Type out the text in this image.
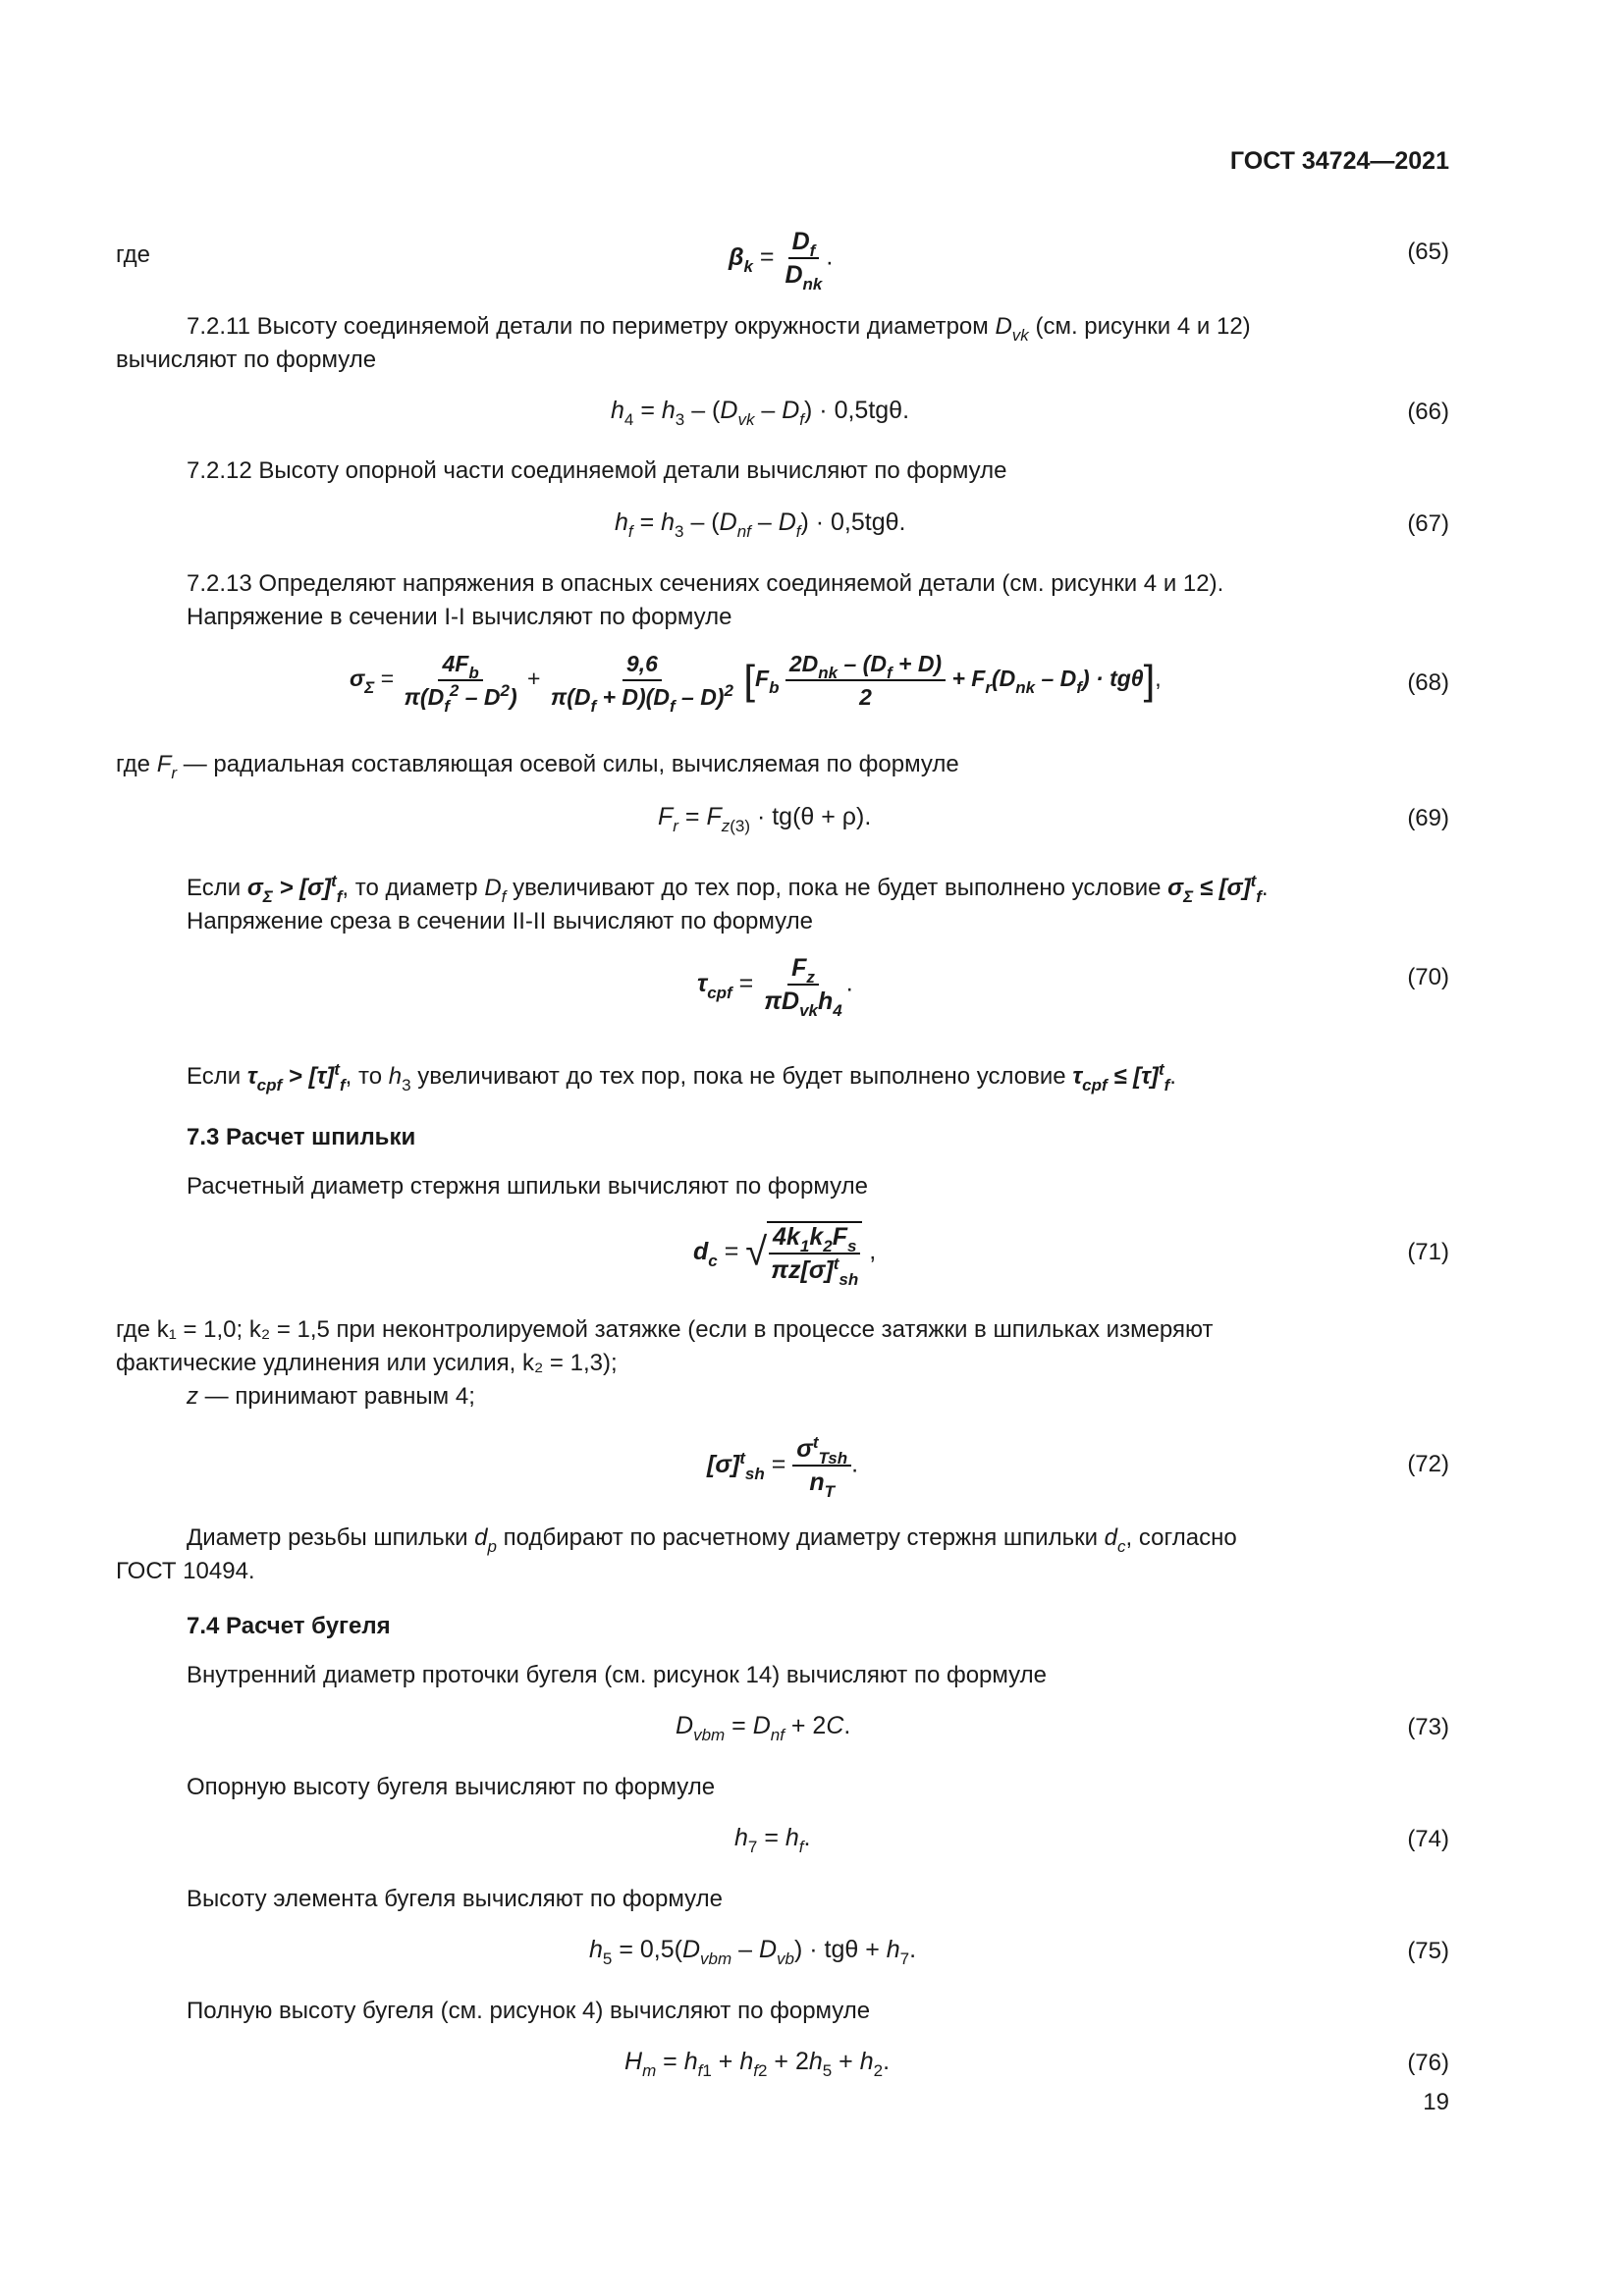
ГОСТ 34724—2021
где	$\beta_k = \frac{D_f}{D_{nk}}$ .	(65)
7.2.11 Высоту соединяемой детали по периметру окружности диаметром $D_{vk}$ (см. рисунки 4 и 12)
вычисляют по формуле
$h_4 = h_3 - (D_{vk} - D_f) \cdot 0,5tg\theta$.	(66)
7.2.12 Высоту опорной части соединяемой детали вычисляют по формуле
$h_f = h_3 - (D_{nf} - D_f) \cdot 0,5tg\theta$.	(67)
7.2.13 Определяют напряжения в опасных сечениях соединяемой детали (см. рисунки 4 и 12).
Напряжение в сечении I-I вычисляют по формуле
$\sigma_\Sigma = \frac{4F_b}{\pi(D_f^2 - D^2)} + \frac{9,6}{\pi(D_f + D)(D_f - D)^2} [F_b \frac{2D_{nk} - (D_f + D)}{2} + F_r(D_{nk} - D_f) \cdot tg\theta]$,	(68)
где $F_r$ — радиальная составляющая осевой силы, вычисляемая по формуле
$F_r = F_{z(3)} \cdot tg(\theta + \rho)$.	(69)
Если $\sigma_\Sigma > [\sigma]^t_f$, то диаметр $D_f$ увеличивают до тех пор, пока не будет выполнено условие $\sigma_\Sigma \le [\sigma]^t_f$.
Напряжение среза в сечении II-II вычисляют по формуле
$\tau_{cpf} = \frac{F_z}{\pi D_{vk}h_4}$ .	(70)
Если $\tau_{cpf} > [\tau]^t_f$, то $h_3$ увеличивают до тех пор, пока не будет выполнено условие $\tau_{cpf} \le [\tau]^t_f$.
7.3 Расчет шпильки
Расчетный диаметр стержня шпильки вычисляют по формуле
$d_c$ = √ $\frac{4k_1k_2F_s}{\pi z[\sigma]^t_{sh}}$ ,	(71)
где k₁ = 1,0; k₂ = 1,5 при неконтролируемой затяжке (если в процессе затяжки в шпильках измеряют
фактические удлинения или усилия, k₂ = 1,3);
z — принимают равным 4;
$[\sigma]^t_{sh} = \frac{\sigma^t_{Tsh}}{n_T}$ .	(72)
Диаметр резьбы шпильки $d_p$ подбирают по расчетному диаметру стержня шпильки $d_c$, согласно
ГОСТ 10494.
7.4 Расчет бугеля
Внутренний диаметр проточки бугеля (см. рисунок 14) вычисляют по формуле
$D_{vbm} = D_{nf} + 2C$.	(73)
Опорную высоту бугеля вычисляют по формуле
$h_7 = h_f$.	(74)
Высоту элемента бугеля вычисляют по формуле
$h_5 = 0,5(D_{vbm} - D_{vb}) \cdot tg\theta + h_7$.	(75)
Полную высоту бугеля (см. рисунок 4) вычисляют по формуле
$H_m = h_{f1} + h_{f2} + 2h_5 + h_2$.	(76)
19
